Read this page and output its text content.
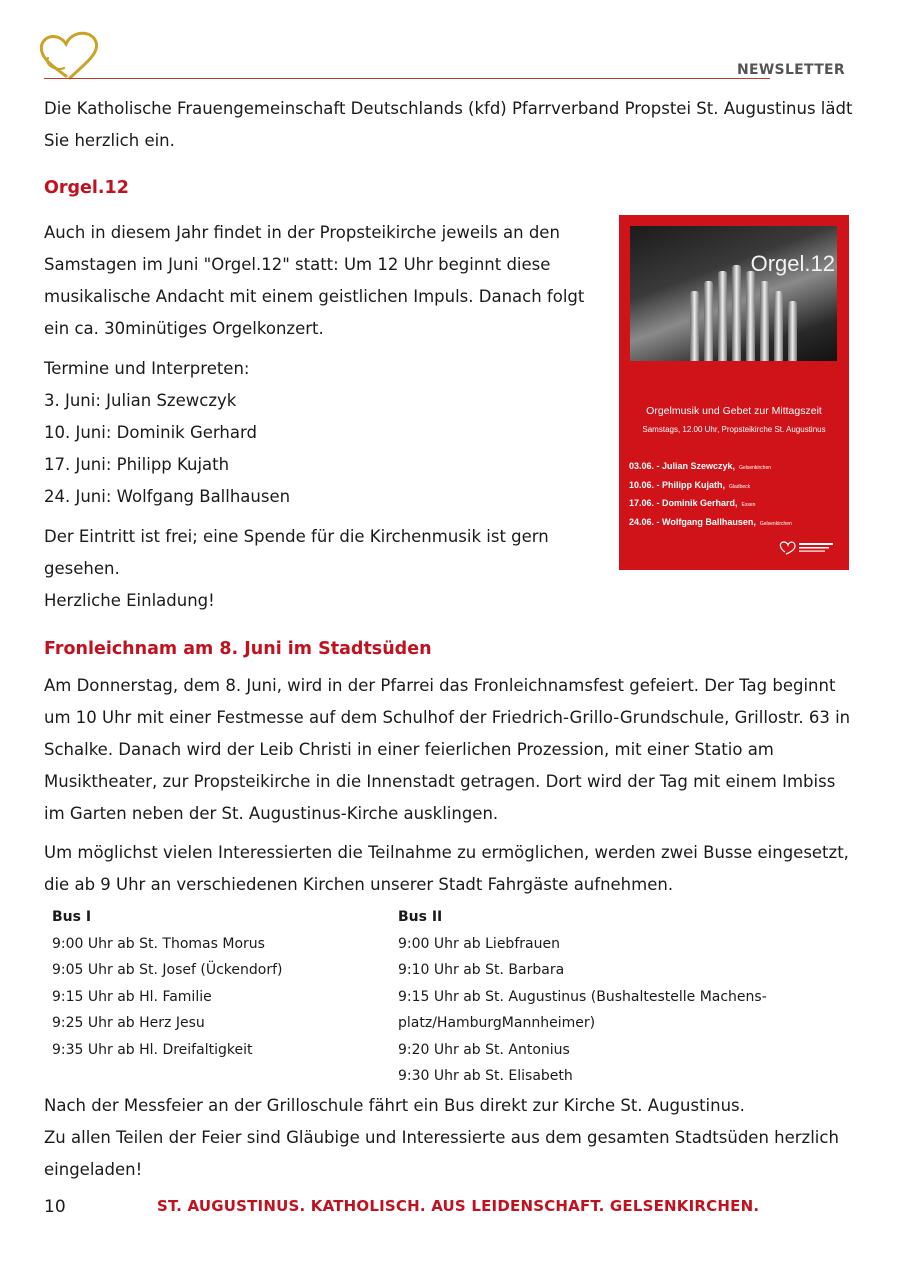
NEWSLETTER

Die Katholische Frauengemeinschaft Deutschlands (kfd) Pfarrverband Propstei St. Augustinus lädt Sie herzlich ein.

Orgel.12

Auch in diesem Jahr findet in der Propsteikirche jeweils an den Samstagen im Juni "Orgel.12" statt: Um 12 Uhr beginnt diese musikalische Andacht mit einem geistlichen Impuls. Danach folgt ein ca. 30minütiges Orgelkonzert.

Termine und Interpreten:
3. Juni: Julian Szewczyk
10. Juni: Dominik Gerhard
17. Juni: Philipp Kujath
24. Juni: Wolfgang Ballhausen
Der Eintritt ist frei; eine Spende für die Kirchenmusik ist gern gesehen.
Herzliche Einladung!
Orgel.12
Orgelmusik und Gebet zur Mittagszeit
Samstags, 12.00 Uhr, Propsteikirche St. Augustinus
03.06. - Julian Szewczyk, Gelsenkirchen
10.06. - Philipp Kujath, Gladbeck
17.06. - Dominik Gerhard, Essen
24.06. - Wolfgang Ballhausen, Gelsenkirchen
Fronleichnam am 8. Juni im Stadtsüden

Am Donnerstag, dem 8. Juni, wird in der Pfarrei das Fronleichnamsfest gefeiert. Der Tag beginnt um 10 Uhr mit einer Festmesse auf dem Schulhof der Friedrich-Grillo-Grundschule, Grillostr. 63 in Schalke. Danach wird der Leib Christi in einer feierlichen Prozession, mit einer Statio am Musiktheater, zur Propsteikirche in die Innenstadt getragen. Dort wird der Tag mit einem Imbiss im Garten neben der St. Augustinus-Kirche ausklingen.

Um möglichst vielen Interessierten die Teilnahme zu ermöglichen, werden zwei Busse eingesetzt, die ab 9 Uhr an verschiedenen Kirchen unserer Stadt Fahrgäste aufnehmen.

Bus I
9:00 Uhr ab St. Thomas Morus
9:05 Uhr ab St. Josef (Ückendorf)
9:15 Uhr ab Hl. Familie
9:25 Uhr ab Herz Jesu
9:35 Uhr ab Hl. Dreifaltigkeit
Bus II
9:00 Uhr ab Liebfrauen
9:10 Uhr ab St. Barbara
9:15 Uhr ab St. Augustinus (Bushaltestelle Machens-
platz/HamburgMannheimer)
9:20 Uhr ab St. Antonius
9:30 Uhr ab St. Elisabeth

Nach der Messfeier an der Grilloschule fährt ein Bus direkt zur Kirche St. Augustinus.

Zu allen Teilen der Feier sind Gläubige und Interessierte aus dem gesamten Stadtsüden herzlich eingeladen!

10	ST. AUGUSTINUS. KATHOLISCH. AUS LEIDENSCHAFT. GELSENKIRCHEN.
